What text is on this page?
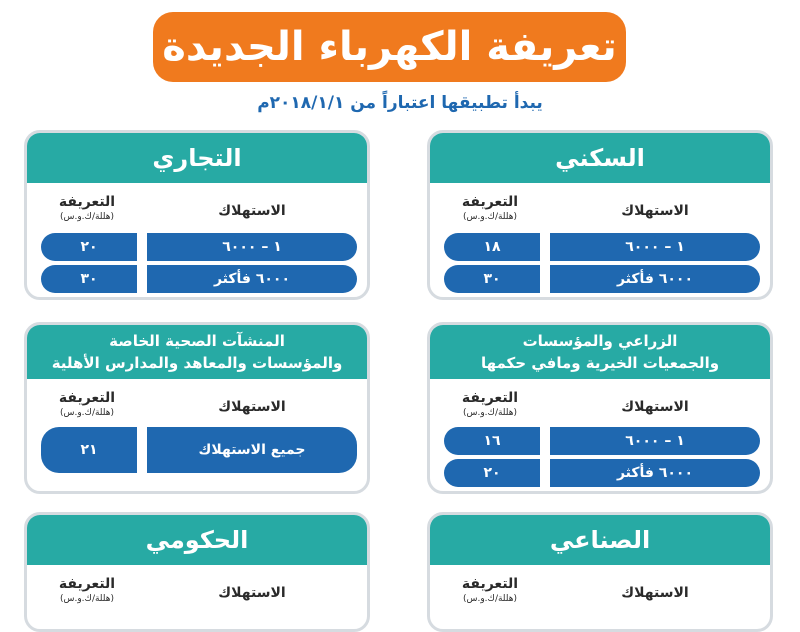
تعريفة الكهرباء الجديدة
يبدأ تطبيقها اعتباراً من ٢٠١٨/١/١م
السكني
الاستهلاك
التعريفة
(هللة/ك.و.س)
١ – ٦٠٠٠
١٨
٦٠٠٠ فأكثر
٣٠
التجاري
الاستهلاك
التعريفة
(هللة/ك.و.س)
١ – ٦٠٠٠
٢٠
٦٠٠٠ فأكثر
٣٠
الزراعي والمؤسسات
والجمعيات الخيرية ومافي حكمها
الاستهلاك
التعريفة
(هللة/ك.و.س)
١ – ٦٠٠٠
١٦
٦٠٠٠ فأكثر
٢٠
المنشآت الصحية الخاصة
والمؤسسات والمعاهد والمدارس الأهلية
الاستهلاك
التعريفة
(هللة/ك.و.س)
جميع الاستهلاك
٢١
الصناعي
الاستهلاك
التعريفة
(هللة/ك.و.س)
الحكومي
الاستهلاك
التعريفة
(هللة/ك.و.س)
